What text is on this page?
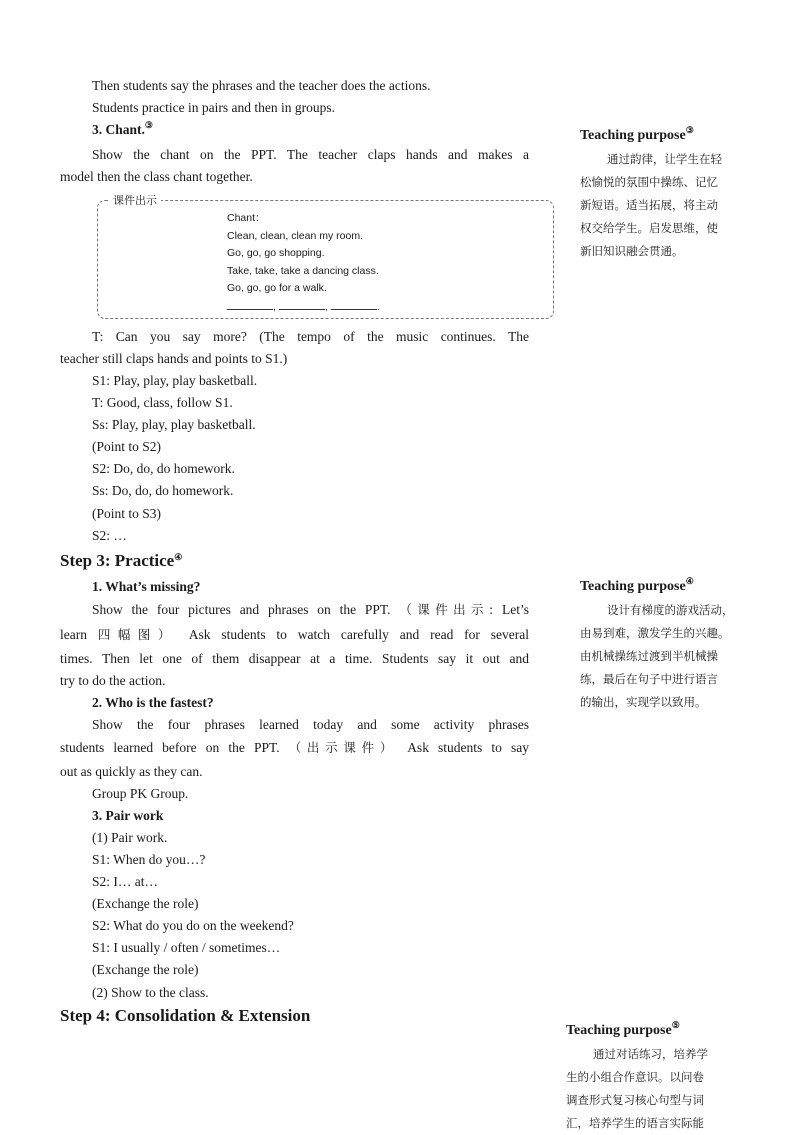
Then students say the phrases and the teacher does the actions.
Students practice in pairs and then in groups.
3. Chant.③
Show the chant on the PPT. The teacher claps hands and makes a
model then the class chant together.
课件出示
Chant：
Clean, clean, clean my room.
Go, go, go shopping.
Take, take, take a dancing class.
Go, go, go for a walk.
,	,	.
T: Can you say more? (The tempo of the music continues. The
teacher still claps hands and points to S1.)
S1: Play, play, play basketball.
T: Good, class, follow S1.
Ss: Play, play, play basketball.
(Point to S2)
S2: Do, do, do homework.
Ss: Do, do, do homework.
(Point to S3)
S2: …
Step 3: Practice④
1. What’s missing?
Show the four pictures and phrases on the PPT. （课件出示: Let’s
learn 四幅图） Ask students to watch carefully and read for several
times. Then let one of them disappear at a time. Students say it out and
try to do the action.
2. Who is the fastest?
Show the four phrases learned today and some activity phrases
students learned before on the PPT. （出示课件） Ask students to say
out as quickly as they can.
Group PK Group.
3. Pair work
(1) Pair work.
S1: When do you…?
S2: I… at…
(Exchange the role)
S2: What do you do on the weekend?
S1: I usually / often / sometimes…
(Exchange the role)
(2) Show to the class.
Step 4: Consolidation & Extension
Teaching purpose③
通过韵律，让学生在轻
松愉悦的氛围中操练、记忆
新短语。适当拓展，将主动
权交给学生。启发思维，使
新旧知识融会贯通。
Teaching purpose④
设计有梯度的游戏活动，
由易到难，激发学生的兴趣。
由机械操练过渡到半机械操
练，最后在句子中进行语言
的输出，实现学以致用。
Teaching purpose⑤
通过对话练习，培养学
生的小组合作意识。以问卷
调查形式复习核心句型与词
汇，培养学生的语言实际能
